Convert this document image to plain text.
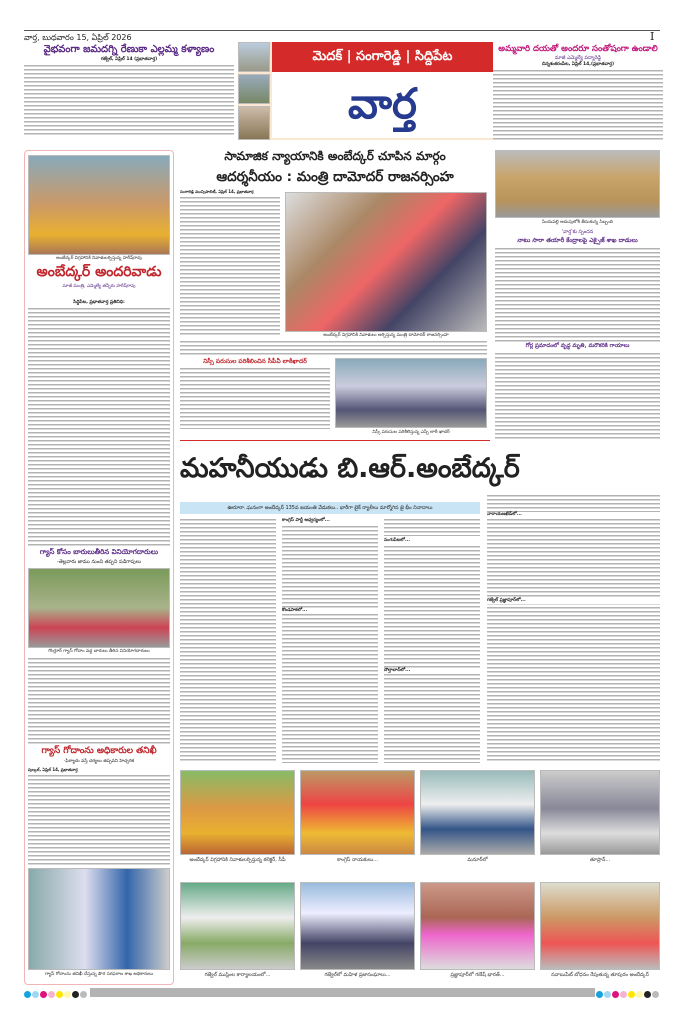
వార్త, బుధవారం 15, ఏప్రిల్ 2026	I
వైభవంగా జమదగ్ని రేణుకా ఎల్లమ్మ కళ్యాణం
గజ్వేల్, ఏప్రిల్ 14 (ప్రభాతవార్త)	మెదక్ | సంగారెడ్డి | సిద్దిపేట
వార్త
అమ్మవారి దయతో అందరూ సంతోషంగా ఉండాలి
మాజీ ఎమ్మెల్యే పద్మారెడ్డి
చిన్నశంకరంపేట, ఏప్రిల్ 14,(ప్రభాతవార్త)
అంబేద్కర్ విగ్రహానికి నివాళులర్పిస్తున్న హరీష్‌రావు
అంబేద్కర్ అందరివాడు
మాజీ మంత్రి, ఎమ్మెల్యే తన్నీరు హరీష్‌రావు
సిద్దిపేట, ప్రభాతవార్త ప్రతినిధి:
గ్యాస్ కోసం బారులుతీరిన వినియోగదారులు
-తెల్లవారు జాము నుంచి తప్పని పడిగాపులు
గొంగ్లూర్ గ్యాస్ గోదాం వద్ద బారులు తీరిన వినియోగదారులు
గ్యాస్ గోదాంను అధికారుల తనిఖీ
-ఫిర్యాదు వస్తే చర్యలు తప్పవని హెచ్చరిక
పుల్కల్, ఏప్రిల్ 14, ప్రభాతవార్త
గ్యాస్ గోదాంను తనిఖీ చేస్తున్న పౌర సరఫరాల శాఖ అధికారులు
సామాజిక న్యాయానికి అంబేద్కర్ చూపిన మార్గం
ఆదర్శనీయం : మంత్రి దామోదర్ రాజనర్సింహ
సంగారెడ్డి మున్సిపాలిటీ, ఏప్రిల్ 14, ప్రభాతవార్త
అంబేద్కర్ విగ్రహానికి నివాళులు అర్పిస్తున్న మంత్రి దామోదర్ రాజనర్సింహ
నిస్సీ పరుసుల పరిశీలించిన సీపీవీ లాఠీఖాదర్
నిస్సీ పరుసుల పరిశీలిస్తున్న ఎస్పీ లాఠీ ఖాదర్
సిందుపల్లి అదుపులోకి తీసుకున్న సిబ్బంది
'వార్త'కు స్పందన
నాటు సారా తయారీ కేంద్రాలపై ఎక్సైజ్ శాఖ దాడులు
గోర్ల ప్రమాదంలో వృద్ధ మృతి, మరొకరికి గాయాలు
మహనీయుడు బి.ఆర్.అంబేద్కర్
ఊరూరా..ఘనంగా అంబేద్కర్ 135వ జయంతి వేడుకలు.. భారీగా బైక్ ర్యాలీలు మార్మోగిన జై భీం నినాదాలు
కాంగ్రెస్ పార్టీ ఆధ్వర్యంలో...
సంగుపేటలో...
కొండపాకలో...
దౌల్తాబాద్‌లో...
నారాయణఖేడ్‌లో...
గజ్వేల్ ప్రజ్ఞాపూర్‌లో...
అంబేద్కర్ విగ్రహానికి నివాళులర్పిస్తున్న కలెక్టర్, సీపీ	కాంగ్రెస్ నాయకులు...	మనూర్‌లో	తూప్రాన్...
గజ్వేల్ ముస్లింల కార్యాలయంలో...	గజ్వేల్‌లో మహిళ ప్రజాసంఘాలు...	ప్రజ్ఞాపూర్‌లో గణేష్ భారత్...	నవాబుపేట్ బోధనం రేపుతున్న తూపురం అంబేద్కర్
